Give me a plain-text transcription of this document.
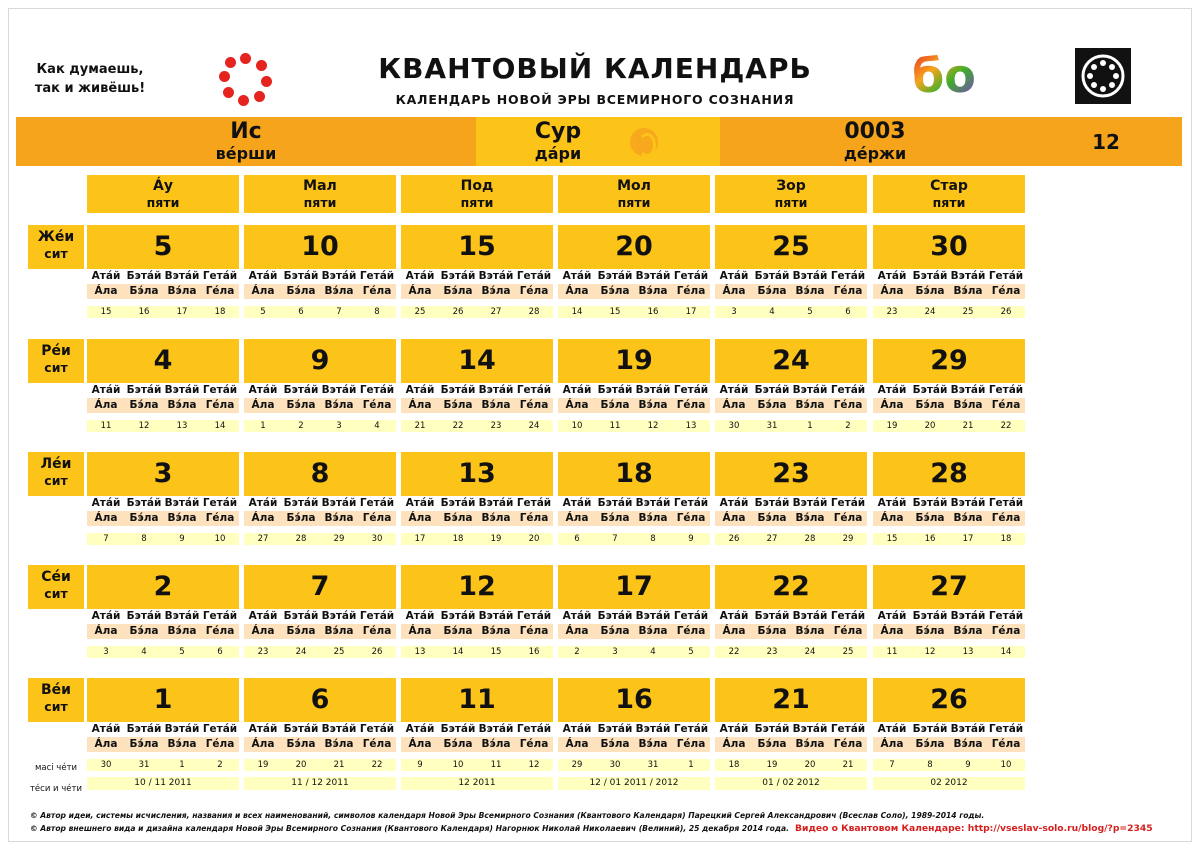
Как думаешь,
так и живёшь!
КВАНТОВЫЙ КАЛЕНДАРЬ
КАЛЕНДАРЬ НОВОЙ ЭРЫ ВСЕМИРНОГО СОЗНАНИЯ	бо
Ис
вéрши
Сур
дáри
0003
дéржи	12
Áу
пяти
Мал
пяти
Под
пяти
Мол
пяти
Зор
пяти
Стар
пяти
Жéи
сит	5
Атáй Бэтáй Вэтáй Гетáй
Áла	Бэ́ла Вэ́ла Гéла
15	16	17	18
10
Атáй Бэтáй Вэтáй Гетáй
Áла	Бэ́ла Вэ́ла Гéла
5	6	7	8
15
Атáй Бэтáй Вэтáй Гетáй
Áла	Бэ́ла Вэ́ла Гéла
25	26	27	28
20
Атáй Бэтáй Вэтáй Гетáй
Áла	Бэ́ла Вэ́ла Гéла
14	15	16	17
25
Атáй Бэтáй Вэтáй Гетáй
Áла	Бэ́ла Вэ́ла Гéла
3	4	5	6
30
Атáй Бэтáй Вэтáй Гетáй
Áла	Бэ́ла Вэ́ла Гéла
23	24	25	26
Рéи
сит	4
Атáй Бэтáй Вэтáй Гетáй
Áла	Бэ́ла Вэ́ла Гéла
11	12	13	14
9
Атáй Бэтáй Вэтáй Гетáй
Áла	Бэ́ла Вэ́ла Гéла
1	2	3	4
14
Атáй Бэтáй Вэтáй Гетáй
Áла	Бэ́ла Вэ́ла Гéла
21	22	23	24
19
Атáй Бэтáй Вэтáй Гетáй
Áла	Бэ́ла Вэ́ла Гéла
10	11	12	13
24
Атáй Бэтáй Вэтáй Гетáй
Áла	Бэ́ла Вэ́ла Гéла
30	31	1	2
29
Атáй Бэтáй Вэтáй Гетáй
Áла	Бэ́ла Вэ́ла Гéла
19	20	21	22
Лéи
сит	3
Атáй Бэтáй Вэтáй Гетáй
Áла	Бэ́ла Вэ́ла Гéла
7	8	9	10
8
Атáй Бэтáй Вэтáй Гетáй
Áла	Бэ́ла Вэ́ла Гéла
27	28	29	30
13
Атáй Бэтáй Вэтáй Гетáй
Áла	Бэ́ла Вэ́ла Гéла
17	18	19	20
18
Атáй Бэтáй Вэтáй Гетáй
Áла	Бэ́ла Вэ́ла Гéла
6	7	8	9
23
Атáй Бэтáй Вэтáй Гетáй
Áла	Бэ́ла Вэ́ла Гéла
26	27	28	29
28
Атáй Бэтáй Вэтáй Гетáй
Áла	Бэ́ла Вэ́ла Гéла
15	16	17	18
Сéи
сит	2
Атáй Бэтáй Вэтáй Гетáй
Áла	Бэ́ла Вэ́ла Гéла
3	4	5	6
7
Атáй Бэтáй Вэтáй Гетáй
Áла	Бэ́ла Вэ́ла Гéла
23	24	25	26
12
Атáй Бэтáй Вэтáй Гетáй
Áла	Бэ́ла Вэ́ла Гéла
13	14	15	16
17
Атáй Бэтáй Вэтáй Гетáй
Áла	Бэ́ла Вэ́ла Гéла
2	3	4	5
22
Атáй Бэтáй Вэтáй Гетáй
Áла	Бэ́ла Вэ́ла Гéла
22	23	24	25
27
Атáй Бэтáй Вэтáй Гетáй
Áла	Бэ́ла Вэ́ла Гéла
11	12	13	14
Вéи
сит	1
Атáй Бэтáй Вэтáй Гетáй
Áла	Бэ́ла Вэ́ла Гéла
30	31	1	2
10 / 11 2011
6
Атáй Бэтáй Вэтáй Гетáй
Áла	Бэ́ла Вэ́ла Гéла
19	20	21	22
11 / 12 2011
11
Атáй Бэтáй Вэтáй Гетáй
Áла	Бэ́ла Вэ́ла Гéла
9	10	11	12
12 2011
16
Атáй Бэтáй Вэтáй Гетáй
Áла	Бэ́ла Вэ́ла Гéла
29	30	31	1
12 / 01 2011 / 2012
21
Атáй Бэтáй Вэтáй Гетáй
Áла	Бэ́ла Вэ́ла Гéла
18	19	20	21
01 / 02 2012
26
Атáй Бэтáй Вэтáй Гетáй
Áла	Бэ́ла Вэ́ла Гéла
7	8	9	10
02 2012
масі чéти
тéси и чéти
© Автор идеи, системы исчисления, названия и всех наименований, символов календаря Новой Эры Всемирного Сознания (Квантового Календаря) Парецкий Сергей Александрович (Всеслав Соло), 1989-2014 годы.
© Автор внешнего вида и дизайна календаря Новой Эры Всемирного Сознания (Квантового Календаря) Нагорнюк Николай Николаевич (Велиний), 25 декабря 2014 года. Видео о Квантовом Календаре: http://vseslav-solo.ru/blog/?p=2345
